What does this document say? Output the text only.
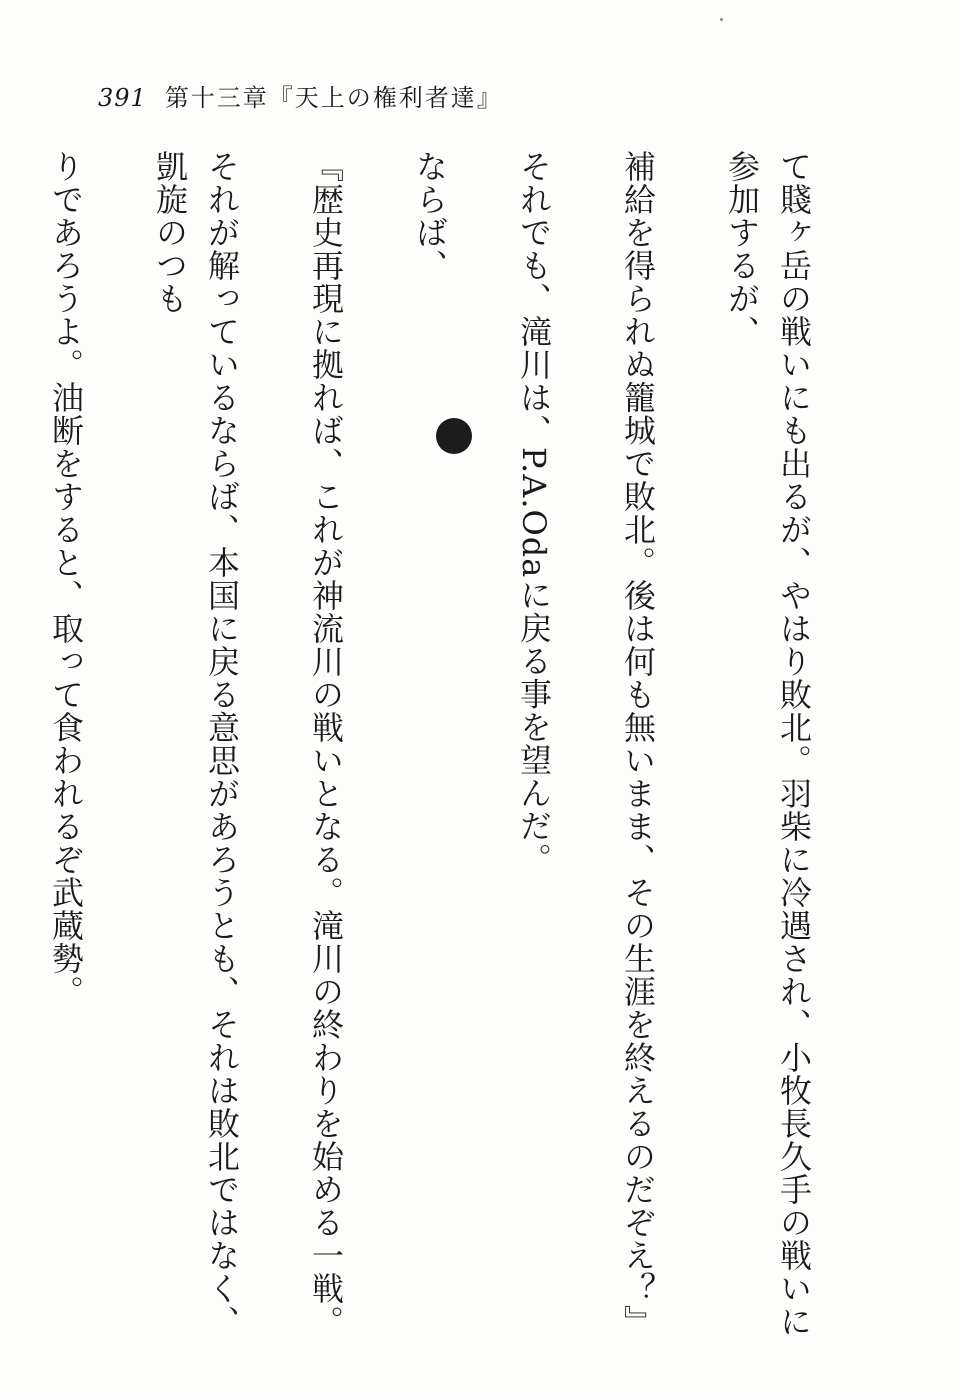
391 第十三章『天上の権利者達』

て賤ヶ岳の戦いにも出るが、やはり敗北。羽柴に冷遇され、小牧長久手の戦いに参加するが、

補給を得られぬ籠城で敗北。後は何も無いまま、その生涯を終えるのだぞえ？』

それでも、滝川は、P.A.Odaに戻る事を望んだ。

ならば、

『歴史再現に拠れば、これが神流川の戦いとなる。滝川の終わりを始める一戦。

それが解っているならば、本国に戻る意思があろうとも、それは敗北ではなく、凱旋のつも

りであろうよ。油断をすると、取って食われるぞ武蔵勢。
